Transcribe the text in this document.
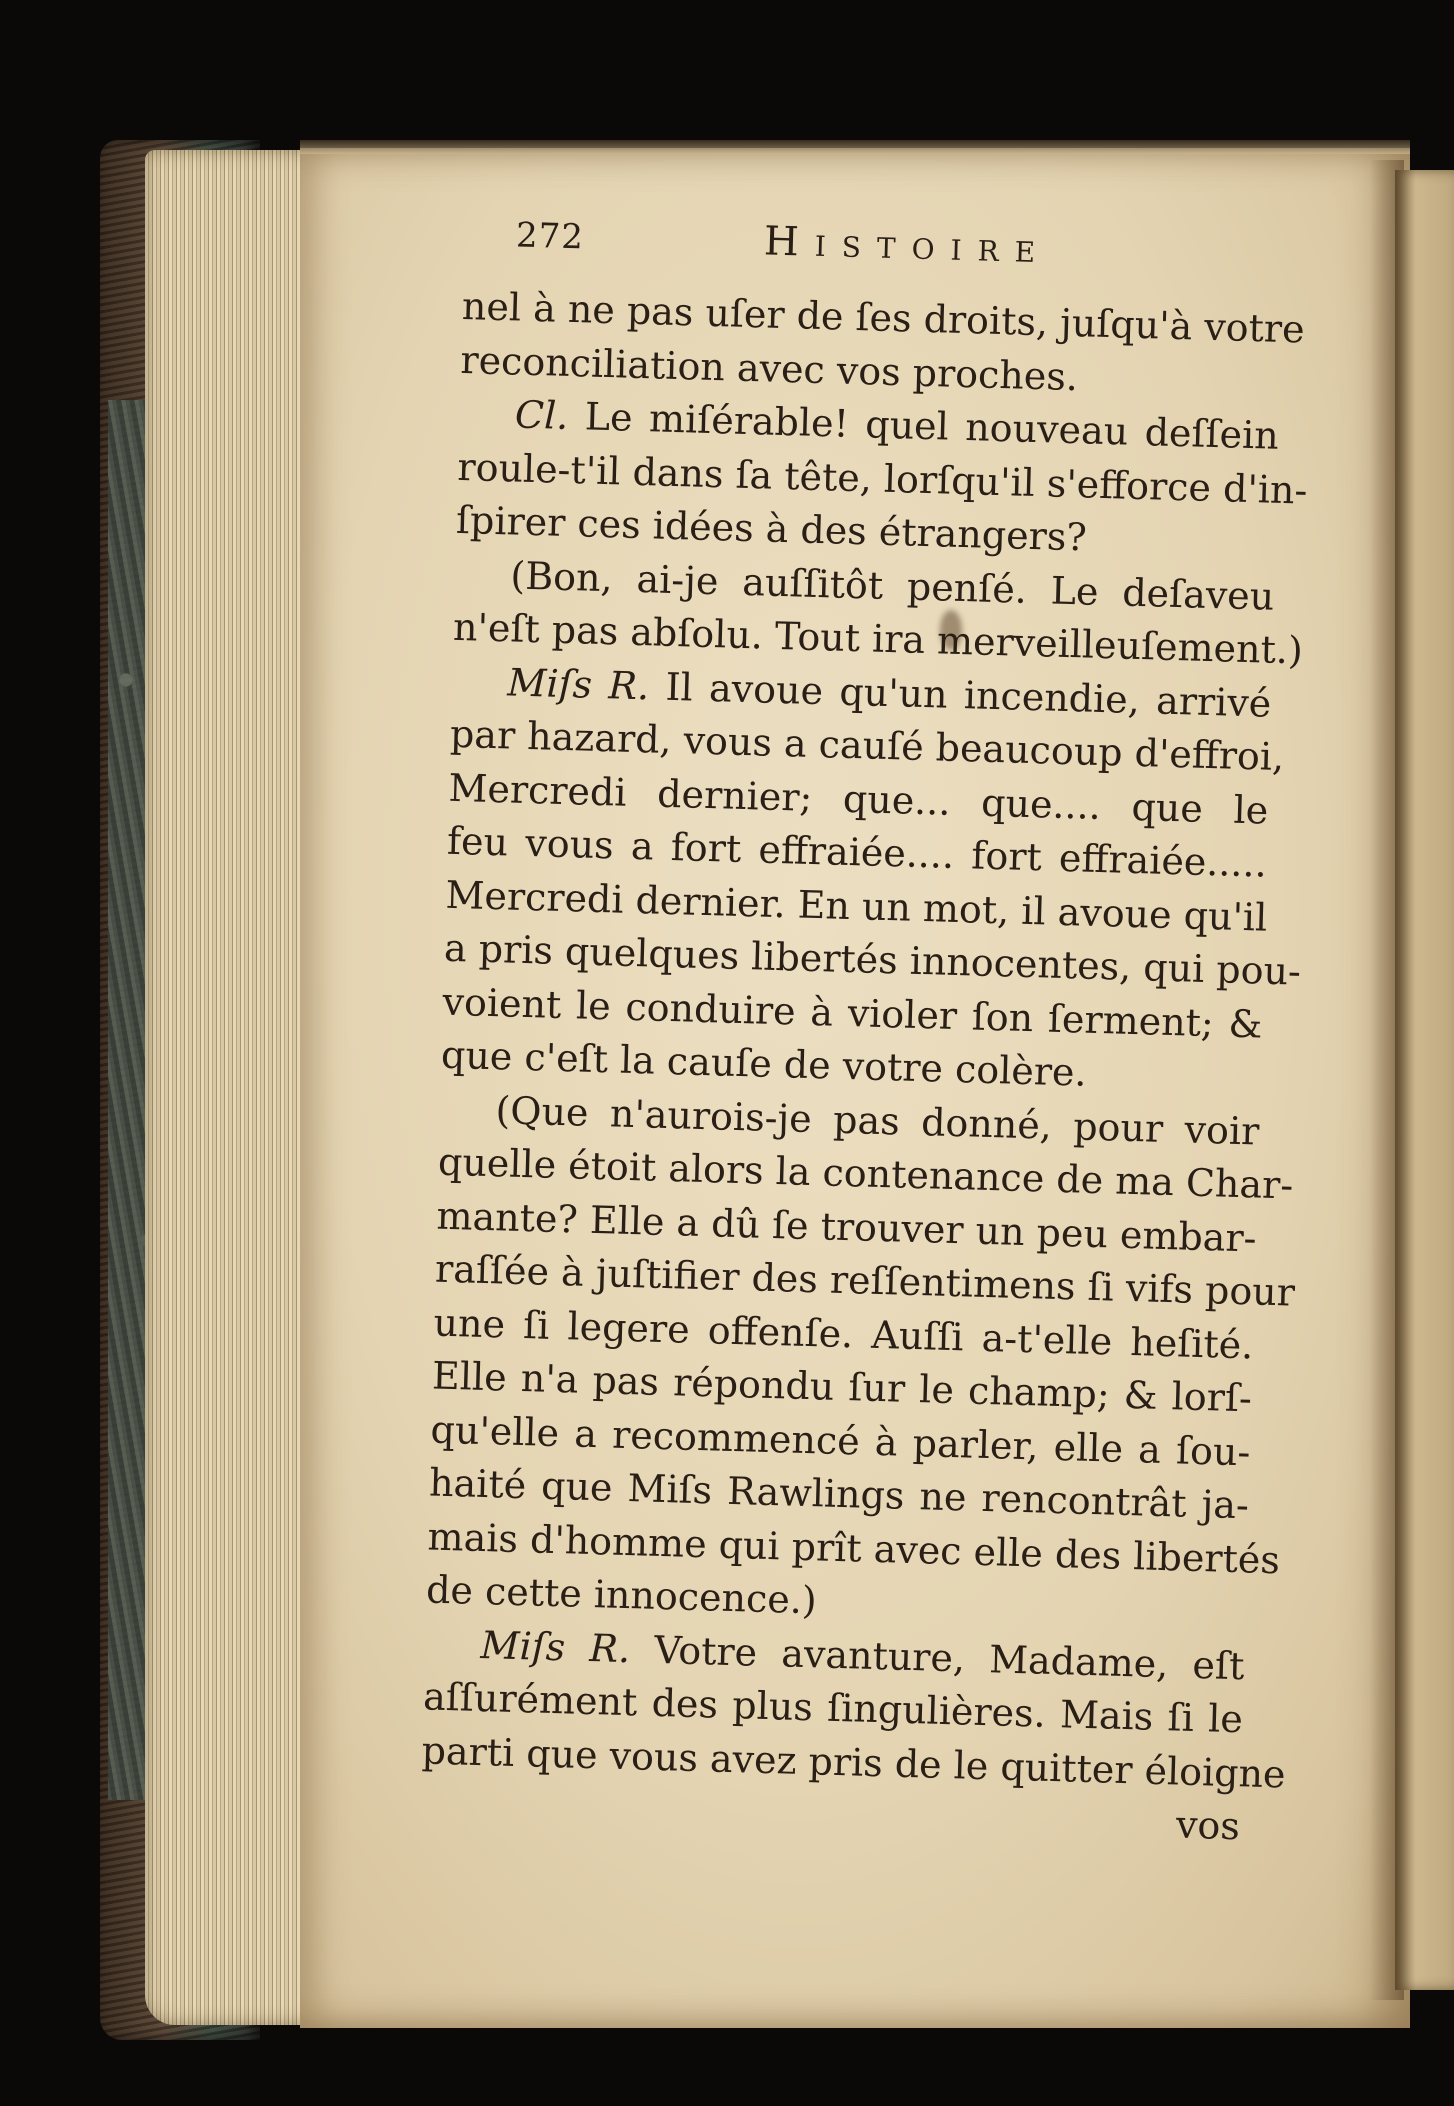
272	Histoire
nel à ne pas uſer de ſes droits, juſqu'à votre
reconciliation avec vos proches.
Cl. Le miſérable! quel nouveau deſſein
roule-t'il dans ſa tête, lorſqu'il s'efforce d'in-
ſpirer ces idées à des étrangers?
(Bon, ai-je auſſitôt penſé. Le deſaveu
n'eſt pas abſolu. Tout ira merveilleuſement.)
Miſs R. Il avoue qu'un incendie, arrivé
par hazard, vous a cauſé beaucoup d'effroi,
Mercredi dernier; que... que.... que le
feu vous a fort effraiée.... fort effraiée.....
Mercredi dernier. En un mot, il avoue qu'il
a pris quelques libertés innocentes, qui pou-
voient le conduire à violer ſon ſerment; &
que c'eſt la cauſe de votre colère.
(Que n'aurois-je pas donné, pour voir
quelle étoit alors la contenance de ma Char-
mante? Elle a dû ſe trouver un peu embar-
raſſée à juſtifier des reſſentimens ſi vifs pour
une ſi legere offenſe. Auſſi a-t'elle heſité.
Elle n'a pas répondu ſur le champ; & lorſ-
qu'elle a recommencé à parler, elle a ſou-
haité que Miſs Rawlings ne rencontrât ja-
mais d'homme qui prît avec elle des libertés
de cette innocence.)
Miſs R. Votre avanture, Madame, eſt
aſſurément des plus ſingulières. Mais ſi le
parti que vous avez pris de le quitter éloigne
vos
